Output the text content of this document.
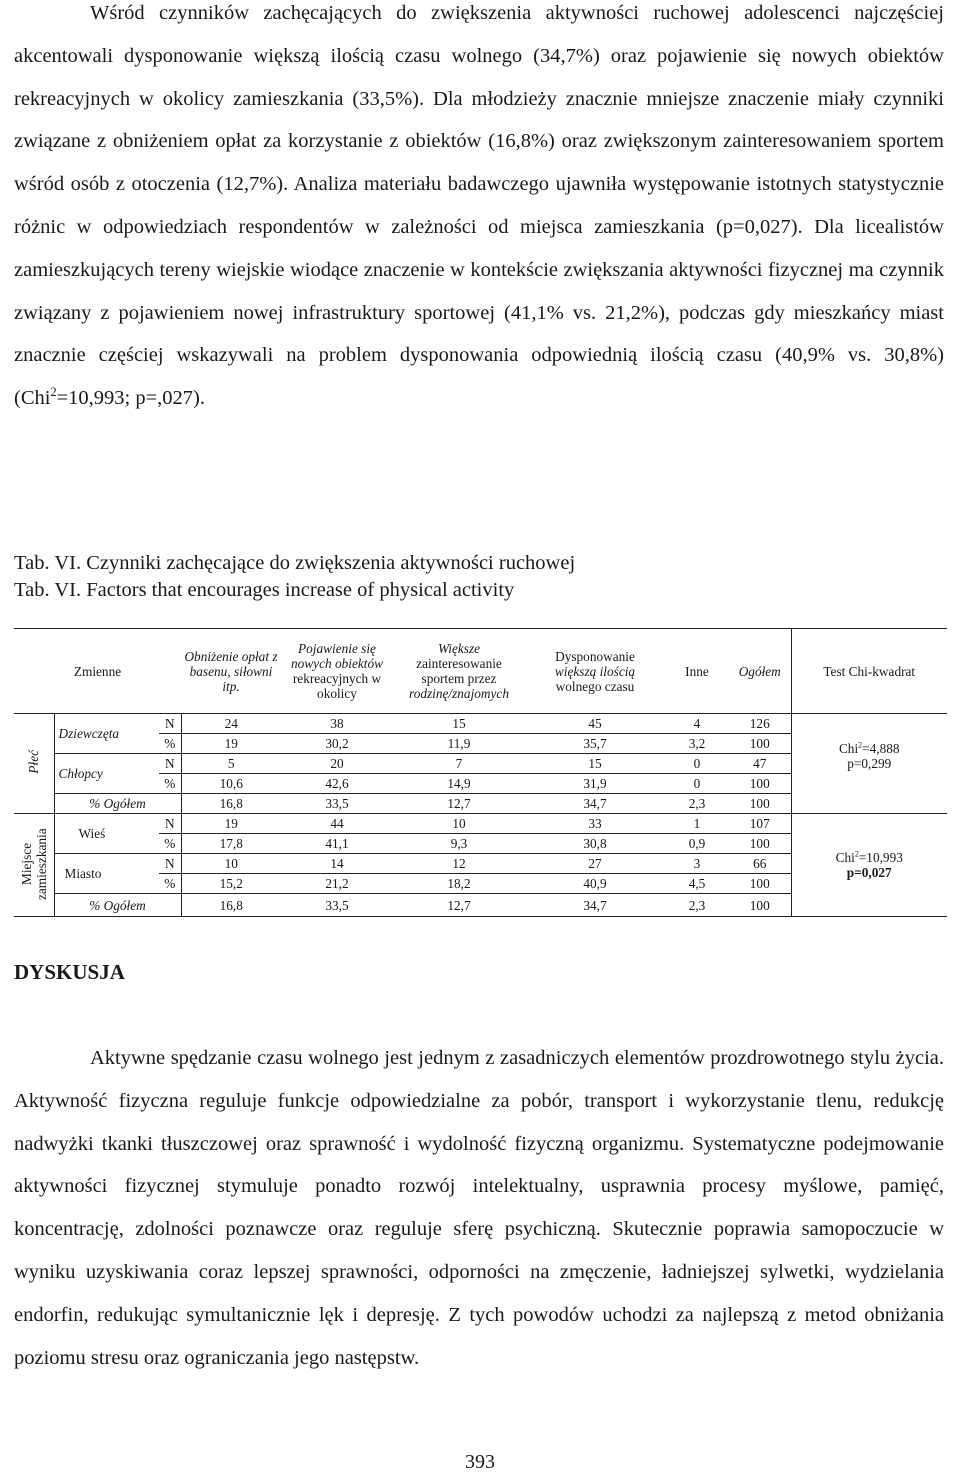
Wśród czynników zachęcających do zwiększenia aktywności ruchowej adolescenci najczęściej akcentowali dysponowanie większą ilością czasu wolnego (34,7%) oraz pojawienie się nowych obiektów rekreacyjnych w okolicy zamieszkania (33,5%). Dla młodzieży znacznie mniejsze znaczenie miały czynniki związane z obniżeniem opłat za korzystanie z obiektów (16,8%) oraz zwiększonym zainteresowaniem sportem wśród osób z otoczenia (12,7%). Analiza materiału badawczego ujawniła występowanie istotnych statystycznie różnic w odpowiedziach respondentów w zależności od miejsca zamieszkania (p=0,027). Dla licealistów zamieszkujących tereny wiejskie wiodące znaczenie w kontekście zwiększania aktywności fizycznej ma czynnik związany z pojawieniem nowej infrastruktury sportowej (41,1% vs. 21,2%), podczas gdy mieszkańcy miast znacznie częściej wskazywali na problem dysponowania odpowiednią ilością czasu (40,9% vs. 30,8%) (Chi$^2$=10,993; p=,027).

Tab. VI. Czynniki zachęcające do zwiększenia aktywności ruchowej

Tab. VI. Factors that encourages increase of physical activity

Zmienne			Obniżenie opłat z basenu, siłowni itp.	Pojawienie się nowych obiektów
rekreacyjnych w okolicy	Większe
zainteresowanie sportem przez
rodzinę/znajomych	Dysponowanie
większą ilością
wolnego czasu	Inne	Ogółem	Test Chi-kwadrat
Płeć	Dziewczęta	N	24	38	15	45	4	126	Chi$^2$=4,888
p=0,299

		%	19	30,2	11,9	35,7	3,2	100	
	Chłopcy	N	5	20	7	15	0	47	
		%	10,6	42,6	14,9	31,9	0	100	
	% Ogółem		16,8	33,5	12,7	34,7	2,3	100	
Miejsce zamieszkania	Wieś	N	19	44	10	33	1	107	Chi$^2$=10,993
p=0,027
		%	17,8	41,1	9,3	30,8	0,9	100	
	Miasto	N	10	14	12	27	3	66	
		%	15,2	21,2	18,2	40,9	4,5	100	
	% Ogółem		16,8	33,5	12,7	34,7	2,3	100	

DYSKUSJA

Aktywne spędzanie czasu wolnego jest jednym z zasadniczych elementów prozdrowotnego stylu życia. Aktywność fizyczna reguluje funkcje odpowiedzialne za pobór, transport i wykorzystanie tlenu, redukcję nadwyżki tkanki tłuszczowej oraz sprawność i wydolność fizyczną organizmu. Systematyczne podejmowanie aktywności fizycznej stymuluje ponadto rozwój intelektualny, usprawnia procesy myślowe, pamięć, koncentrację, zdolności poznawcze oraz reguluje sferę psychiczną. Skutecznie poprawia samopoczucie w wyniku uzyskiwania coraz lepszej sprawności, odporności na zmęczenie, ładniejszej sylwetki, wydzielania endorfin, redukując symultanicznie lęk i depresję. Z tych powodów uchodzi za najlepszą z metod obniżania poziomu stresu oraz ograniczania jego następstw.

393
